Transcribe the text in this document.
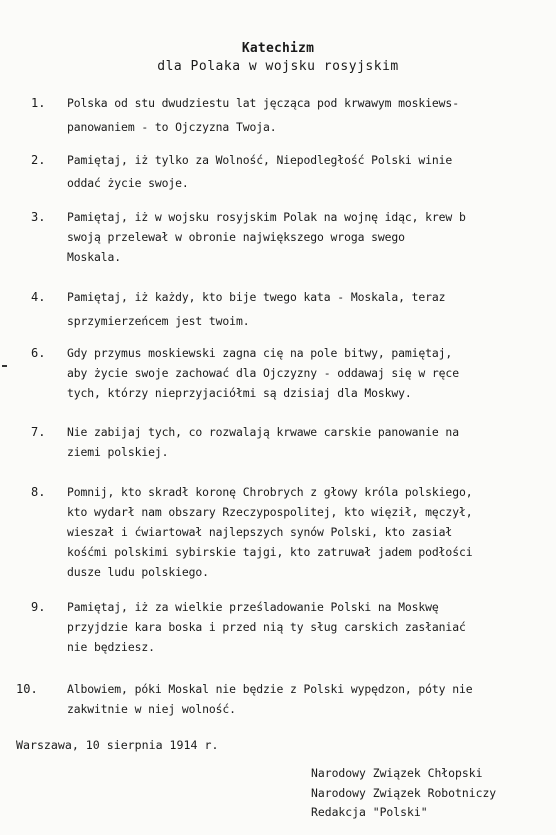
Katechizm
dla Polaka w wojsku rosyjskim
1. Polska od stu dwudziestu lat jęcząca pod krwawym moskiews-
panowaniem - to Ojczyzna Twoja.
2. Pamiętaj, iż tylko za Wolność, Niepodległość Polski winie
oddać życie swoje.
3. Pamiętaj, iż w wojsku rosyjskim Polak na wojnę idąc, krew b
swoją przelewał w obronie największego wroga swego
Moskala.
4. Pamiętaj, iż każdy, kto bije twego kata - Moskala, teraz
sprzymierzeńcem jest twoim.
6. Gdy przymus moskiewski zagna cię na pole bitwy, pamiętaj,
aby życie swoje zachować dla Ojczyzny - oddawaj się w ręce
tych, którzy nieprzyjaciółmi są dzisiaj dla Moskwy.
7. Nie zabijaj tych, co rozwalają krwawe carskie panowanie na
ziemi polskiej.
8. Pomnij, kto skradł koronę Chrobrych z głowy króla polskiego,
kto wydarł nam obszary Rzeczypospolitej, kto więził, męczył,
wieszał i ćwiartował najlepszych synów Polski, kto zasiał
kośćmi polskimi sybirskie tajgi, kto zatruwał jadem podłości
dusze ludu polskiego.
9. Pamiętaj, iż za wielkie prześladowanie Polski na Moskwę
przyjdzie kara boska i przed nią ty sług carskich zasłaniać
nie będziesz.
10.	Albowiem, póki Moskal nie będzie z Polski wypędzon, póty nie
zakwitnie w niej wolność.
Warszawa, 10 sierpnia 1914 r.
Narodowy Związek Chłopski
Narodowy Związek Robotniczy
Redakcja "Polski"
